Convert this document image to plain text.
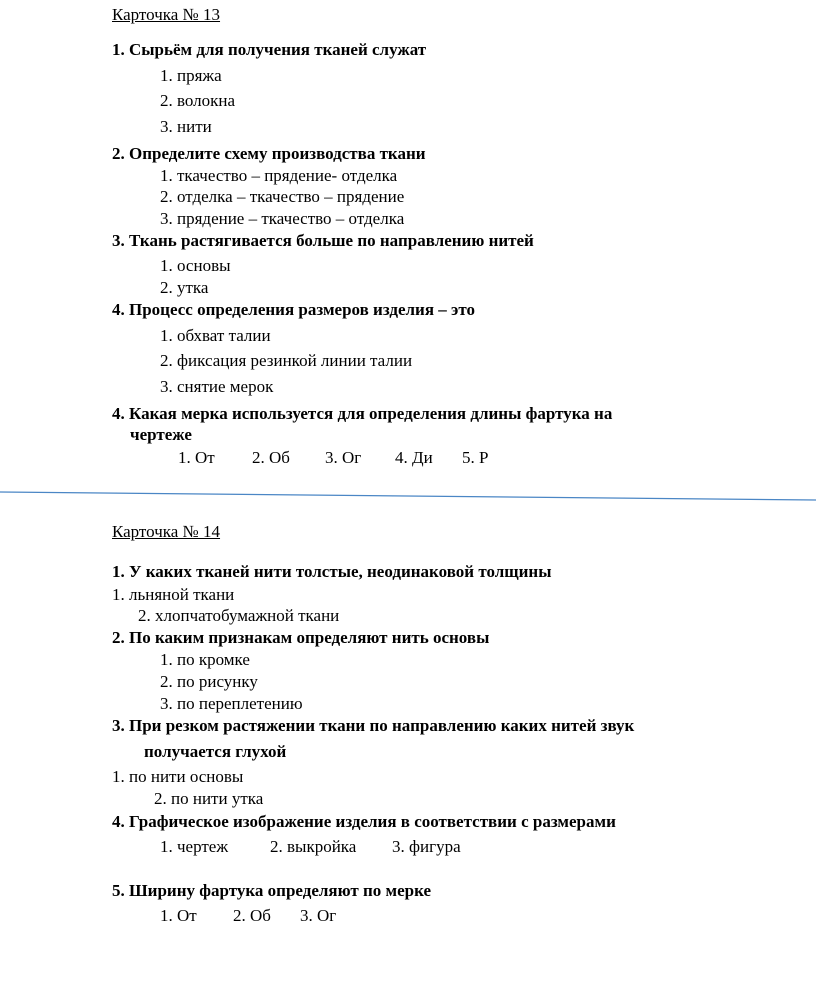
Карточка № 13
1. Сырьём для получения тканей служат
1. пряжа
2. волокна
3. нити
2. Определите схему производства ткани
1. ткачество – прядение- отделка
2. отделка – ткачество – прядение
3. прядение – ткачество – отделка
3. Ткань растягивается больше по направлению нитей
1. основы
2. утка
4. Процесс определения размеров изделия – это
1. обхват талии
2. фиксация резинкой линии талии
3. снятие мерок
4. Какая мерка используется для определения длины фартука на
чертеже
1. От 2. Об 3. Ог 4. Ди 5. Р
Карточка № 14
1. У каких тканей нити толстые, неодинаковой толщины
1. льняной ткани
2. хлопчатобумажной ткани
2. По каким признакам определяют нить основы
1. по кромке
2. по рисунку
3. по переплетению
3. При резком растяжении ткани по направлению каких нитей звук
получается глухой
1. по нити основы
2. по нити утка
4. Графическое изображение изделия в соответствии с размерами
1. чертеж 2. выкройка 3. фигура
5. Ширину фартука определяют по мерке
1. От 2. Об 3. Ог
